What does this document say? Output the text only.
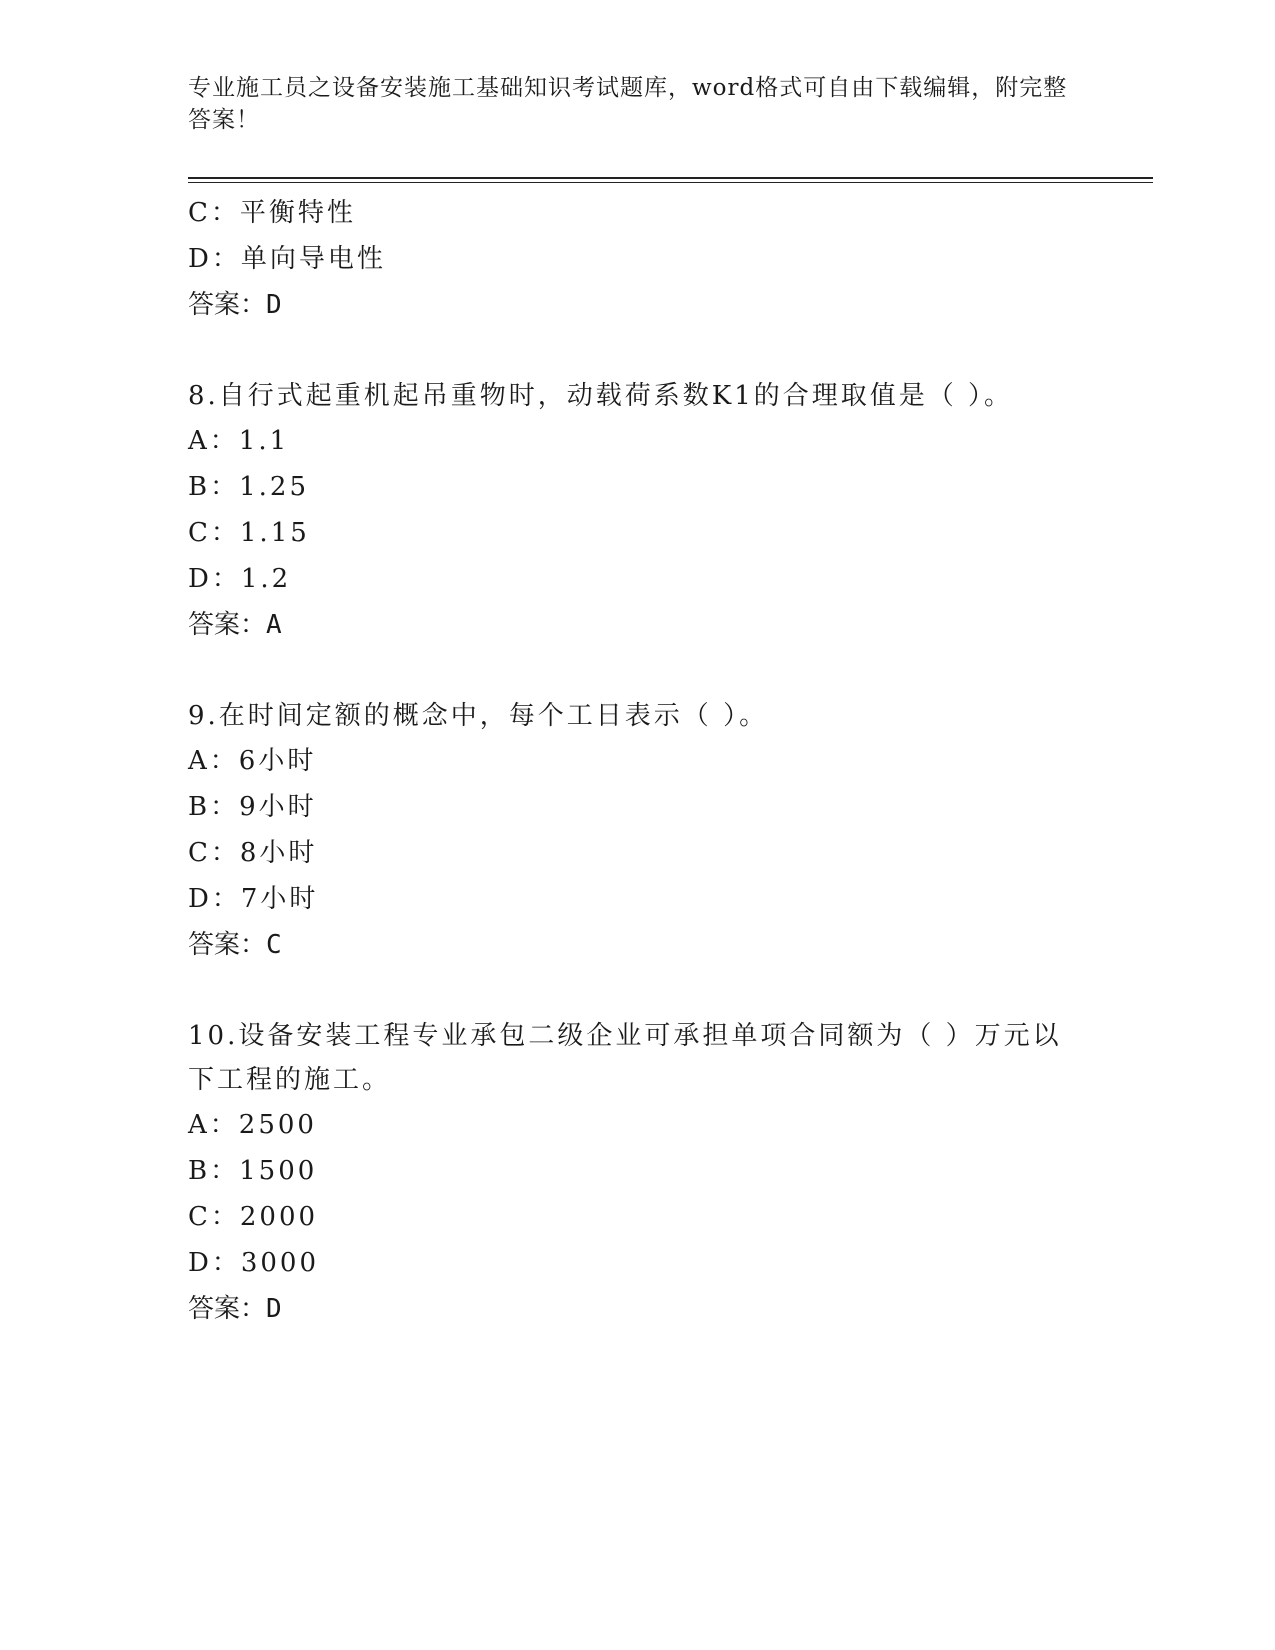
专业施工员之设备安装施工基础知识考试题库，word格式可自由下载编辑，附完整答案！
C：平衡特性
D：单向导电性
答案：D
8.自行式起重机起吊重物时，动载荷系数K1的合理取值是（ ）。
A：1.1
B：1.25
C：1.15
D：1.2
答案：A
9.在时间定额的概念中，每个工日表示（ ）。
A：6小时
B：9小时
C：8小时
D：7小时
答案：C
10.设备安装工程专业承包二级企业可承担单项合同额为（ ）万元以下工程的施工。
A：2500
B：1500
C：2000
D：3000
答案：D
